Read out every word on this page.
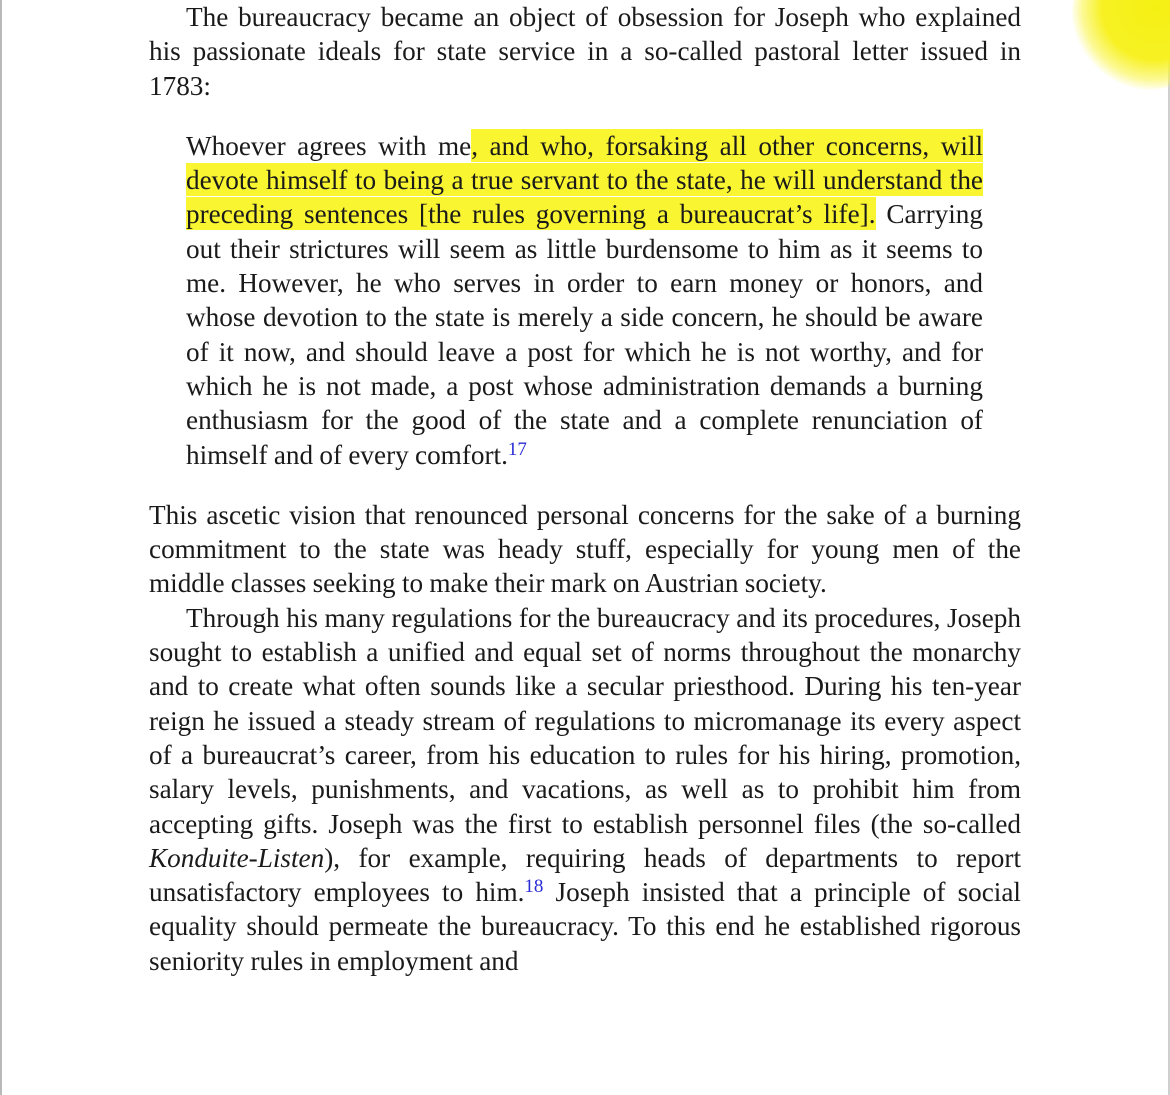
The bureaucracy became an object of obsession for Joseph who explained his passionate ideals for state service in a so-called pastoral letter issued in 1783:

Whoever agrees with me, and who, forsaking all other concerns, will devote himself to being a true servant to the state, he will understand the preceding sentences [the rules governing a bureaucrat’s life]. Carrying out their strictures will seem as little burdensome to him as it seems to me. However, he who serves in order to earn money or honors, and whose devotion to the state is merely a side concern, he should be aware of it now, and should leave a post for which he is not worthy, and for which he is not made, a post whose administration demands a burning enthusiasm for the good of the state and a complete renunciation of himself and of every comfort.$^{17}$

This ascetic vision that renounced personal concerns for the sake of a burning commitment to the state was heady stuff, especially for young men of the middle classes seeking to make their mark on Austrian society.

Through his many regulations for the bureaucracy and its procedures, Joseph sought to establish a unified and equal set of norms throughout the monarchy and to create what often sounds like a secular priesthood. During his ten-year reign he issued a steady stream of regulations to micromanage its every aspect of a bureaucrat’s career, from his education to rules for his hiring, promotion, salary levels, punishments, and vacations, as well as to prohibit him from accepting gifts. Joseph was the first to establish personnel files (the so-called Konduite-Listen), for example, requiring heads of departments to report unsatisfactory employees to him.$^{18}$ Joseph insisted that a principle of social equality should permeate the bureaucracy. To this end he established rigorous seniority rules in employment and
